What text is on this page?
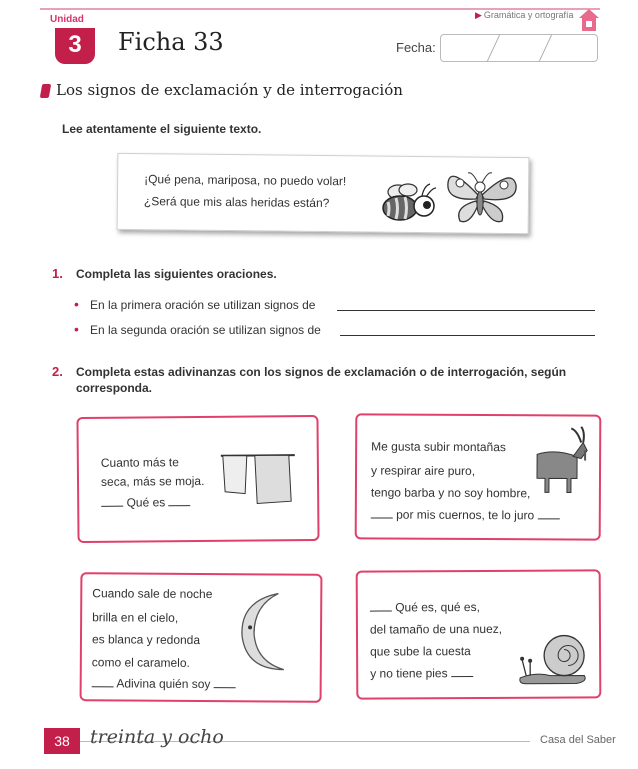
Unidad
3	Ficha 33
▶ Gramática y ortografía
Fecha:
Los signos de exclamación y de interrogación
Lee atentamente el siguiente texto.
¡Qué pena, mariposa, no puedo volar!
¿Será que mis alas heridas están?
1. Completa las siguientes oraciones.
• En la primera oración se utilizan signos de
• En la segunda oración se utilizan signos de
2. Completa estas adivinanzas con los signos de exclamación o de interrogación, según
corresponda.
Cuanto más te
seca, más se moja.
Qué es
Me gusta subir montañas
y respirar aire puro,
tengo barba y no soy hombre,
por mis cuernos, te lo juro
Cuando sale de noche
brilla en el cielo,
es blanca y redonda
como el caramelo.
Adivina quién soy
Qué es, qué es,
del tamaño de una nuez,
que sube la cuesta
y no tiene pies
38	treinta y ocho	Casa del Saber
